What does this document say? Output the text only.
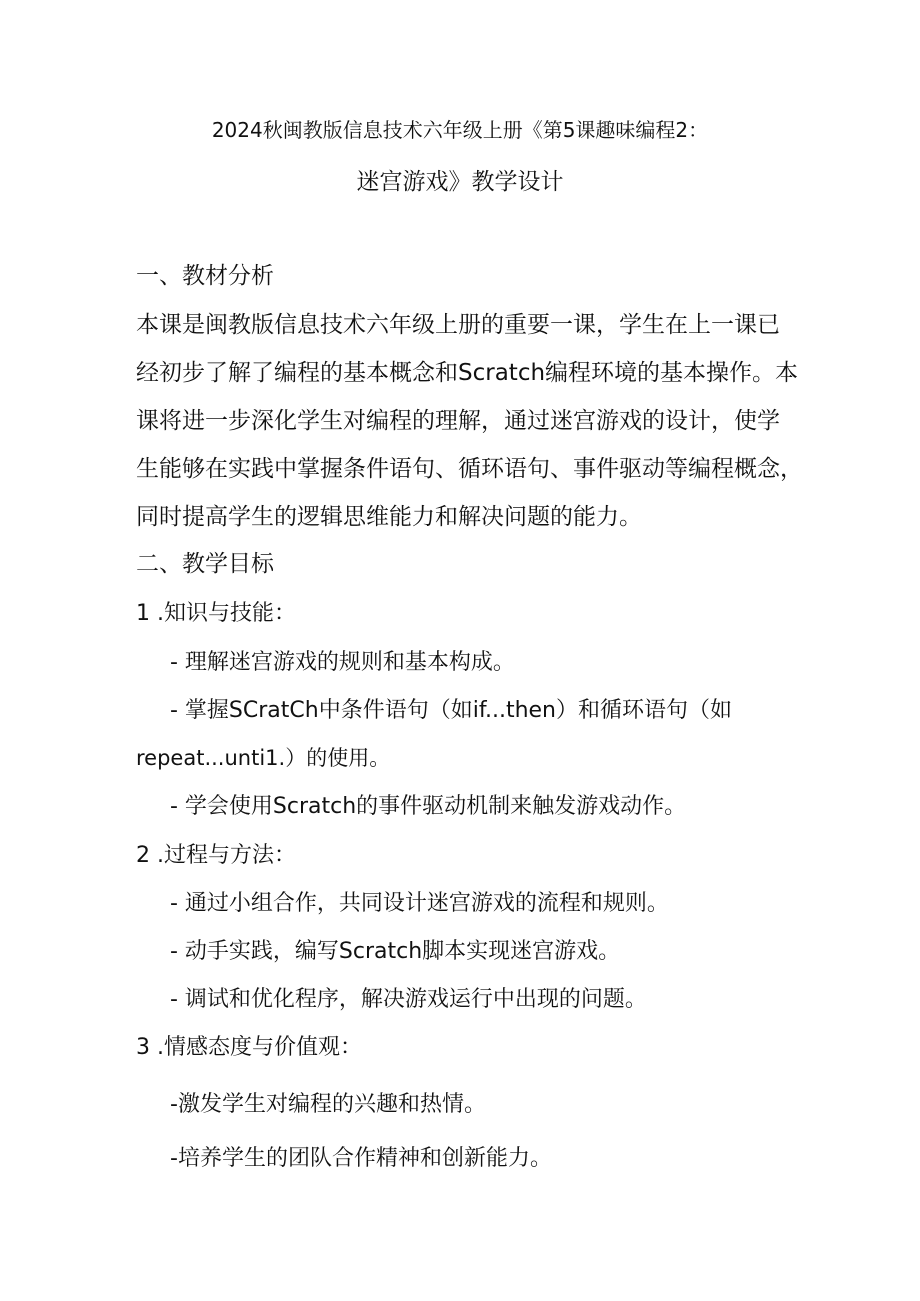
2024秋闽教版信息技术六年级上册《第5课趣味编程2：

迷宫游戏》教学设计

一、教材分析

本课是闽教版信息技术六年级上册的重要一课，学生在上一课已

经初步了解了编程的基本概念和Scratch编程环境的基本操作。本

课将进一步深化学生对编程的理解，通过迷宫游戏的设计，使学

生能够在实践中掌握条件语句、循环语句、事件驱动等编程概念，

同时提高学生的逻辑思维能力和解决问题的能力。

二、教学目标

1 .知识与技能：

- 理解迷宫游戏的规则和基本构成。

- 掌握SCratCh中条件语句（如if...then）和循环语句（如

repeat...unti1.）的使用。

- 学会使用Scratch的事件驱动机制来触发游戏动作。

2 .过程与方法：

- 通过小组合作，共同设计迷宫游戏的流程和规则。

- 动手实践，编写Scratch脚本实现迷宫游戏。

- 调试和优化程序，解决游戏运行中出现的问题。

3 .情感态度与价值观：

-激发学生对编程的兴趣和热情。

-培养学生的团队合作精神和创新能力。
